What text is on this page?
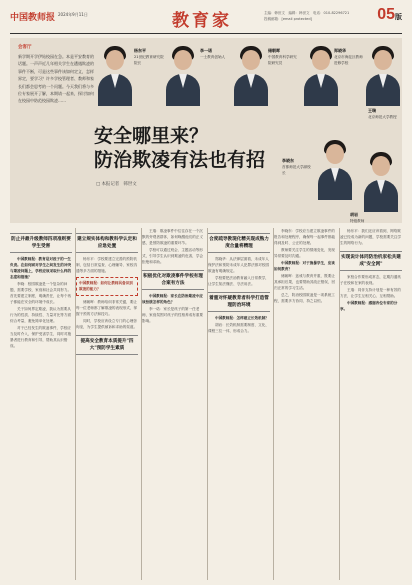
中国教师报 2024年9月11日	教育家	主编：韩世文　编辑：韩世文　电话：010-82296721
投稿邮箱：[email protected]	05版
会客厅
新学期开学伊始校园在急。本是平安教育的话题。一声声近几年相关学生在遭遇欺凌的事件不断，可是这些事件该如何定义，怎样界定，要学习？许多学校管理者、教师和家长们都会思考的一个问题。今天我们将与多位专家展开了解，本期请一起来，探讨如何在校园中防范校园欺凌……
杨东平
21世纪教育研究院院长
李一诺
一土教育创始人
储朝晖
中国教育科学研究院研究员
郑晓华
北京市海淀区教师进修学校
王瑞
北京师范大学教授
李晓东
首都师范大学副校长
胡岩
特级教师
安全哪里来？
防治欺凌有法也有招
□ 本报记者　韩世文
防止并最升级教师四项准则要学生受害

中国教师报：教育是对孩子的一生负责。在如何面对学生之间发生的冲突与欺凌问题上，学校应该采取什么样的态度和措施？

李晓：校园欺凌是一个复杂的问题，需要学校、家庭和社会共同努力。首先要建立制度，明确责任，让每个孩子都能在安全的环境中成长。

关于如何界定欺凌，我认为需要从行为的性质、持续性、力量对比等方面综合考量，避免简单化处理。

对于已经发生的欺凌事件，学校应当及时介入，保护受害学生，同时对施暴者进行教育和引导，帮助其认识错误。

建立规实体构和教科学认定和应急处置

杨东平：学校要建立完善的预防机制，包括日常巡查、心理辅导、家校沟通等多方面的措施。

中国教师报：如何让教师具备识别欺凌的能力？

储朝晖：教师培训非常关键，要让每一位老师都了解欺凌的表现形式，掌握干预的方法和技巧。

同时，学校应该设立专门的心理咨询室，为学生提供倾诉和求助的渠道。

提高安全教育本质提升"四大"预防学生素质

王瑞：欺凌事件中往往存在一个沉默的旁观者群体，如何唤醒他们的正义感，是预防欺凌的重要环节。

学校可以通过班会、主题活动等形式，引导学生认识到欺凌的危害，学会拒绝和求助。

积极优化对欺凌事件学校有理合案有方法

中国教师报：家长在防治欺凌中应该扮演怎样的角色？

李一诺：家长是孩子的第一任老师，家庭氛围对孩子的性格养成有重要影响。

合度疏导教现化精关现成熟力度合量将精理

郑晓华：从法律层面看，未成年人保护法和预防未成年人犯罪法都对校园欺凌有明确规定。

学校要把法治教育融入日常教学，让学生知法懂法、守法用法。

着重对怀疑教育者科学打造管理防治环境

中国教师报：怎样建立长效机制？

胡岩：长效机制需要制度、文化、课程三位一体，形成合力。

李晓东：学校应当建立欺凌事件的报告和处理程序，确保每一起事件都能得到及时、公正的处理。

教师要关注学生的情绪变化，发现异常要及时沟通。

中国教师报：对于施暴学生，应该如何教育？

储朝晖：惩戒与教育并重，既要让其承担后果，也要帮助其改正错误，回归正常的学习生活。

总之，防治校园欺凌是一项系统工程，需要多方协同、持之以恒。

杨东平：我们还应该看到，网络欺凌已经成为新的问题，学校需要关注学生的网络行为。

实现说计体同防治机家松共建成"安全网"

家校合作要形成常态，定期沟通孩子在校和在家的表现。

王瑞：同伴支持计划是一种有效的方法，让学生互相关心、互相帮助。

中国教师报：感谢各位专家的分享。
